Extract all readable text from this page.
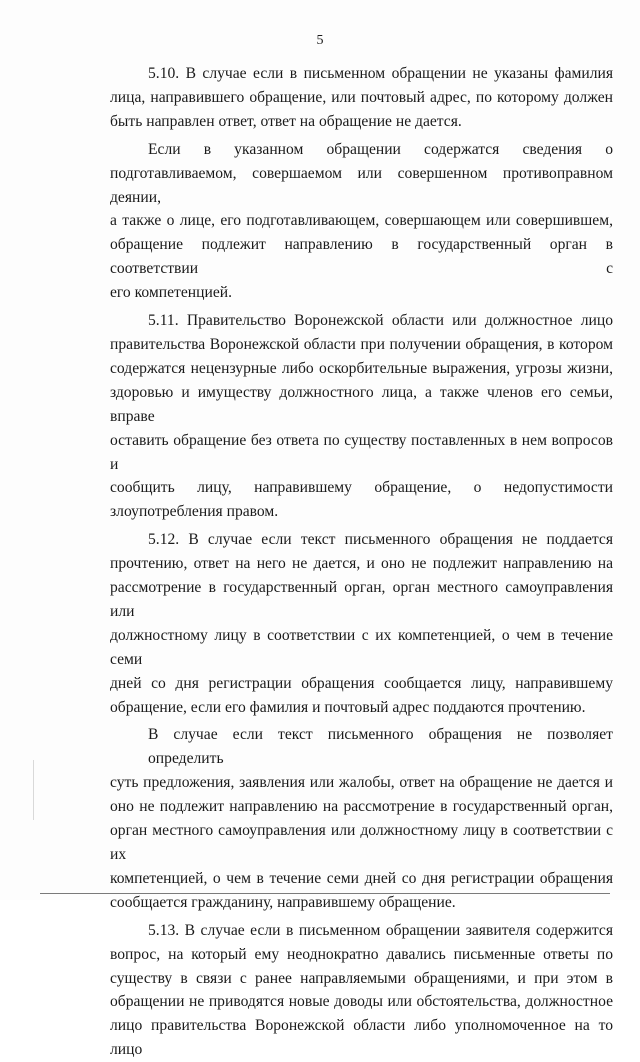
5
5.10. В случае если в письменном обращении не указаны фамилия
лица, направившего обращение, или почтовый адрес, по которому должен
быть направлен ответ, ответ на обращение не дается.
Если в указанном обращении содержатся сведения о
подготавливаемом, совершаемом или совершенном противоправном деянии,
а также о лице, его подготавливающем, совершающем или совершившем,
обращение подлежит направлению в государственный орган в соответствии с
его компетенцией.
5.11. Правительство Воронежской области или должностное лицо
правительства Воронежской области при получении обращения, в котором
содержатся нецензурные либо оскорбительные выражения, угрозы жизни,
здоровью и имуществу должностного лица, а также членов его семьи, вправе
оставить обращение без ответа по существу поставленных в нем вопросов и
сообщить лицу, направившему обращение, о недопустимости
злоупотребления правом.
5.12. В случае если текст письменного обращения не поддается
прочтению, ответ на него не дается, и оно не подлежит направлению на
рассмотрение в государственный орган, орган местного самоуправления или
должностному лицу в соответствии с их компетенцией, о чем в течение семи
дней со дня регистрации обращения сообщается лицу, направившему
обращение, если его фамилия и почтовый адрес поддаются прочтению.
В случае если текст письменного обращения не позволяет определить
суть предложения, заявления или жалобы, ответ на обращение не дается и
оно не подлежит направлению на рассмотрение в государственный орган,
орган местного самоуправления или должностному лицу в соответствии с их
компетенцией, о чем в течение семи дней со дня регистрации обращения
сообщается гражданину, направившему обращение.
5.13. В случае если в письменном обращении заявителя содержится
вопрос, на который ему неоднократно давались письменные ответы по
существу в связи с ранее направляемыми обращениями, и при этом в
обращении не приводятся новые доводы или обстоятельства, должностное
лицо правительства Воронежской области либо уполномоченное на то лицо
